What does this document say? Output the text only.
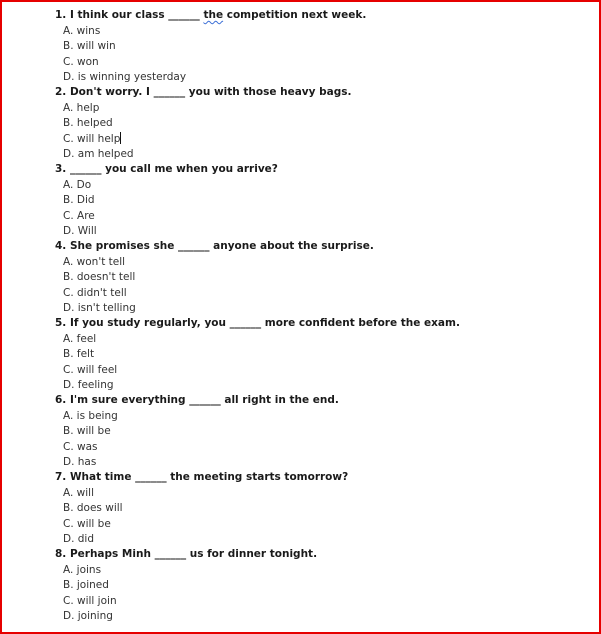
1. I think our class ______ the competition next week.
A. wins
B. will win
C. won
D. is winning yesterday
2. Don't worry. I ______ you with those heavy bags.
A. help
B. helped
C. will help
D. am helped
3. ______ you call me when you arrive?
A. Do
B. Did
C. Are
D. Will
4. She promises she ______ anyone about the surprise.
A. won't tell
B. doesn't tell
C. didn't tell
D. isn't telling
5. If you study regularly, you ______ more confident before the exam.
A. feel
B. felt
C. will feel
D. feeling
6. I'm sure everything ______ all right in the end.
A. is being
B. will be
C. was
D. has
7. What time ______ the meeting starts tomorrow?
A. will
B. does will
C. will be
D. did
8. Perhaps Minh ______ us for dinner tonight.
A. joins
B. joined
C. will join
D. joining
